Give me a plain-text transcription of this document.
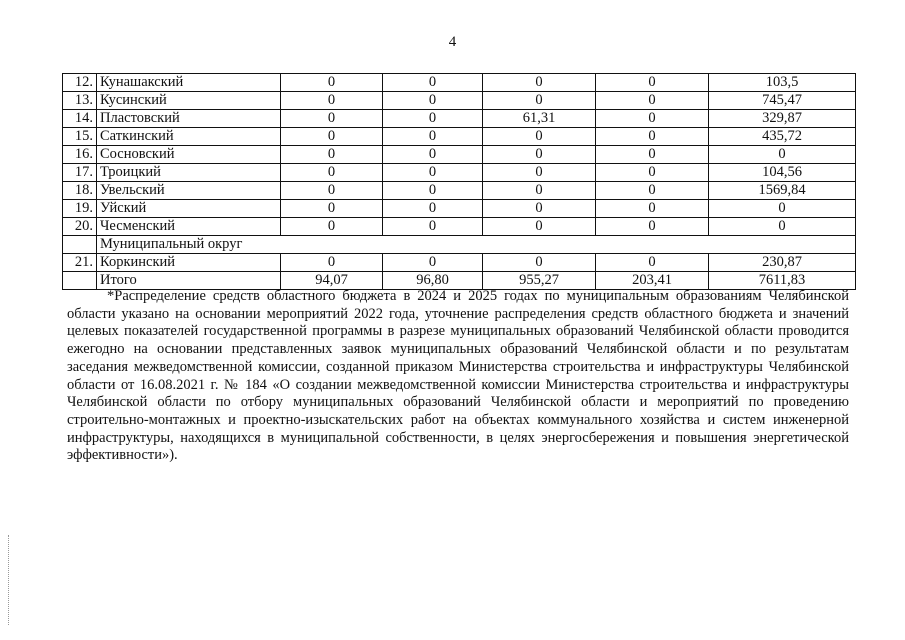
4
12.	Кунашакский	0	0	0	0	103,5
13.	Кусинский	0	0	0	0	745,47
14.	Пластовский	0	0	61,31	0	329,87
15.	Саткинский	0	0	0	0	435,72
16.	Сосновский	0	0	0	0	0
17.	Троицкий	0	0	0	0	104,56
18.	Увельский	0	0	0	0	1569,84
19.	Уйский	0	0	0	0	0
20.	Чесменский	0	0	0	0	0
	Муниципальный округ					
21.	Коркинский	0	0	0	0	230,87
	Итого	94,07	96,80	955,27	203,41	7611,83
*Распределение средств областного бюджета в 2024 и 2025 годах по муниципальным образованиям Челябинской области указано на основании мероприятий 2022 года, уточнение распределения средств областного бюджета и значений целевых показателей государственной программы в разрезе муниципальных образований Челябинской области проводится ежегодно на основании представленных заявок муниципальных образований Челябинской области и по результатам заседания межведомственной комиссии, созданной приказом Министерства строительства и инфраструктуры Челябинской области от 16.08.2021 г. № 184 «О создании межведомственной комиссии Министерства строительства и инфраструктуры Челябинской области по отбору муниципальных образований Челябинской области и мероприятий по проведению строительно-монтажных и проектно-изыскательских работ на объектах коммунального хозяйства и систем инженерной инфраструктуры, находящихся в муниципальной собственности, в целях энергосбережения и повышения энергетической эффективности»).
